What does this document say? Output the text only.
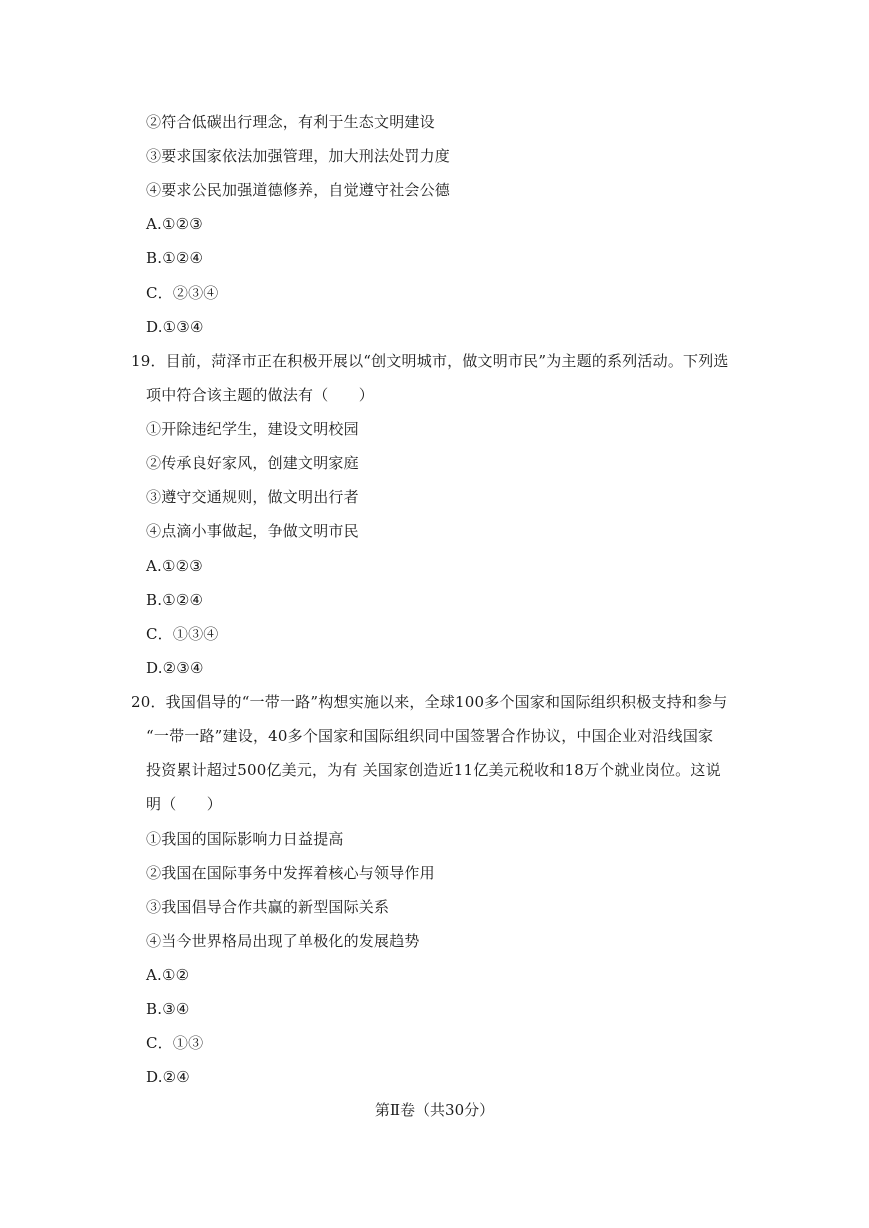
②符合低碳出行理念，有利于生态文明建设
③要求国家依法加强管理，加大刑法处罚力度
④要求公民加强道德修养，自觉遵守社会公德
A.①②③
B.①②④
C．②③④
D.①③④
19．目前，菏泽市正在积极开展以“创文明城市，做文明市民”为主题的系列活动。下列选
项中符合该主题的做法有（　　）
①开除违纪学生，建设文明校园
②传承良好家风，创建文明家庭
③遵守交通规则，做文明出行者
④点滴小事做起，争做文明市民
A.①②③
B.①②④
C．①③④
D.②③④
20．我国倡导的“一带一路”构想实施以来，全球100多个国家和国际组织积极支持和参与
“一带一路”建设，40多个国家和国际组织同中国签署合作协议，中国企业对沿线国家
投资累计超过500亿美元，为有 关国家创造近11亿美元税收和18万个就业岗位。这说
明（　　）
①我国的国际影响力日益提高
②我国在国际事务中发挥着核心与领导作用
③我国倡导合作共赢的新型国际关系
④当今世界格局出现了单极化的发展趋势
A.①②
B.③④
C．①③
D.②④
第Ⅱ卷（共30分）
